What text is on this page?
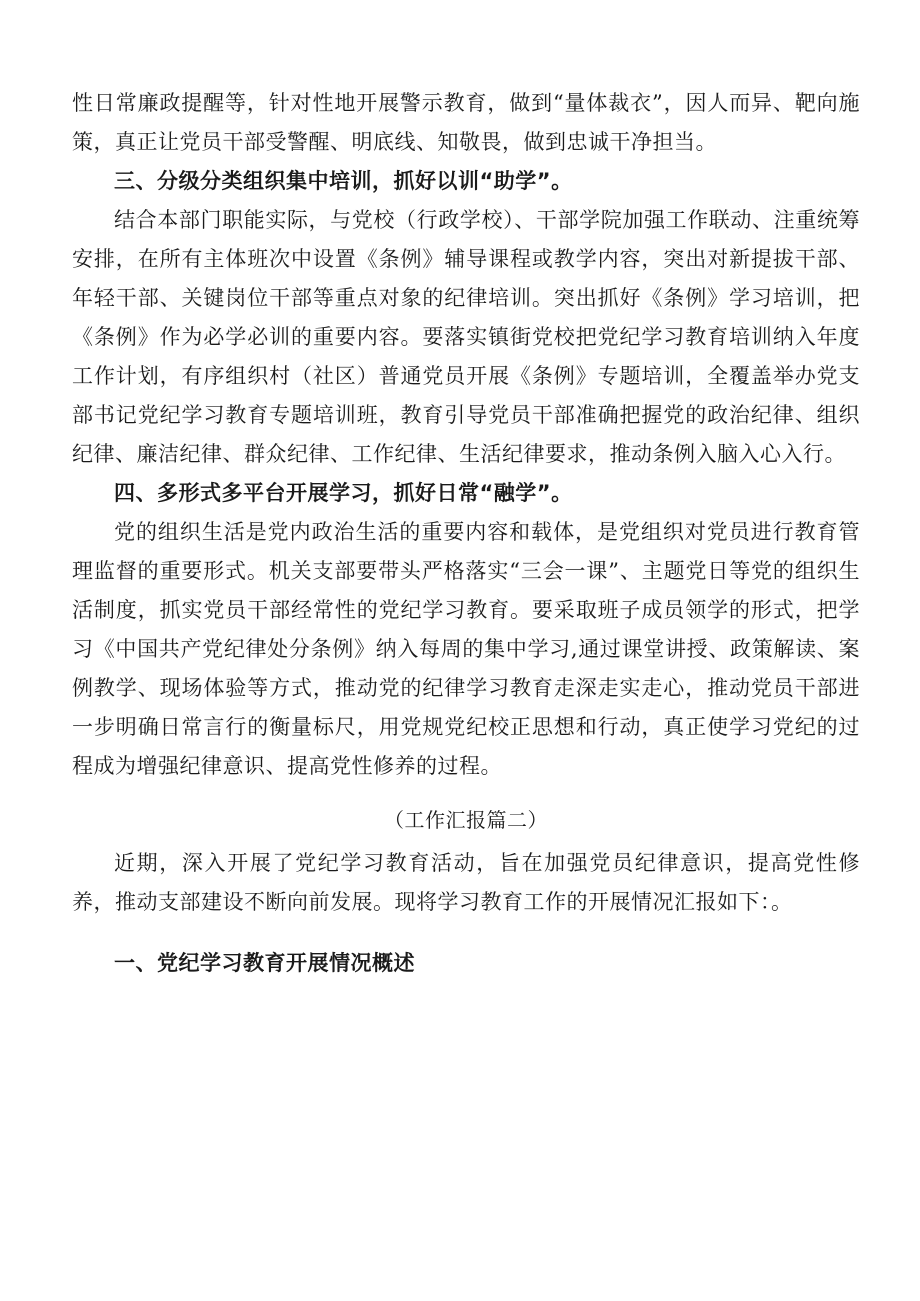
性日常廉政提醒等，针对性地开展警示教育，做到“量体裁衣”，因人而异、靶向施策，真正让党员干部受警醒、明底线、知敬畏，做到忠诚干净担当。

三、分级分类组织集中培训，抓好以训“助学”。

结合本部门职能实际，与党校（行政学校）、干部学院加强工作联动、注重统筹安排，在所有主体班次中设置《条例》辅导课程或教学内容，突出对新提拔干部、年轻干部、关键岗位干部等重点对象的纪律培训。突出抓好《条例》学习培训，把《条例》作为必学必训的重要内容。要落实镇街党校把党纪学习教育培训纳入年度工作计划，有序组织村（社区）普通党员开展《条例》专题培训，全覆盖举办党支部书记党纪学习教育专题培训班，教育引导党员干部准确把握党的政治纪律、组织纪律、廉洁纪律、群众纪律、工作纪律、生活纪律要求，推动条例入脑入心入行。

四、多形式多平台开展学习，抓好日常“融学”。

党的组织生活是党内政治生活的重要内容和载体，是党组织对党员进行教育管理监督的重要形式。机关支部要带头严格落实“三会一课”、主题党日等党的组织生活制度，抓实党员干部经常性的党纪学习教育。要采取班子成员领学的形式，把学习《中国共产党纪律处分条例》纳入每周的集中学习,通过课堂讲授、政策解读、案例教学、现场体验等方式，推动党的纪律学习教育走深走实走心，推动党员干部进一步明确日常言行的衡量标尺，用党规党纪校正思想和行动，真正使学习党纪的过程成为增强纪律意识、提高党性修养的过程。

（工作汇报篇二）

近期，深入开展了党纪学习教育活动，旨在加强党员纪律意识，提高党性修养，推动支部建设不断向前发展。现将学习教育工作的开展情况汇报如下：。

一、党纪学习教育开展情况概述
